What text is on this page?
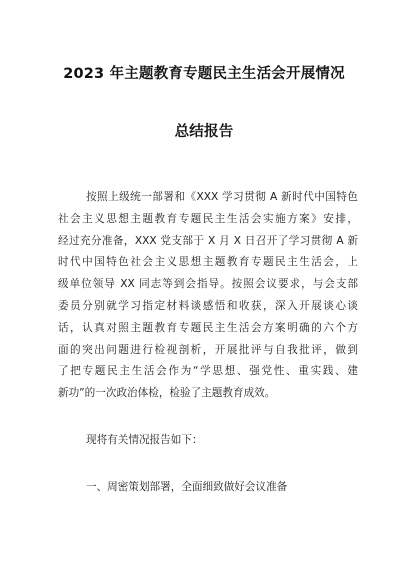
2023 年主题教育专题民主生活会开展情况
总结报告
按照上级统一部署和《XXX 学习贯彻 A 新时代中国特色
社会主义思想主题教育专题民主生活会实施方案》安排，
经过充分准备，XXX 党支部于 X 月 X 日召开了学习贯彻 A 新
时代中国特色社会主义思想主题教育专题民主生活会，上
级单位领导 XX 同志等到会指导。按照会议要求，与会支部
委员分别就学习指定材料谈感悟和收获，深入开展谈心谈
话，认真对照主题教育专题民主生活会方案明确的六个方
面的突出问题进行检视剖析，开展批评与自我批评，做到
了把专题民主生活会作为“学思想、强党性、重实践、建
新功”的一次政治体检，检验了主题教育成效。
现将有关情况报告如下：
一、周密策划部署，全面细致做好会议准备
